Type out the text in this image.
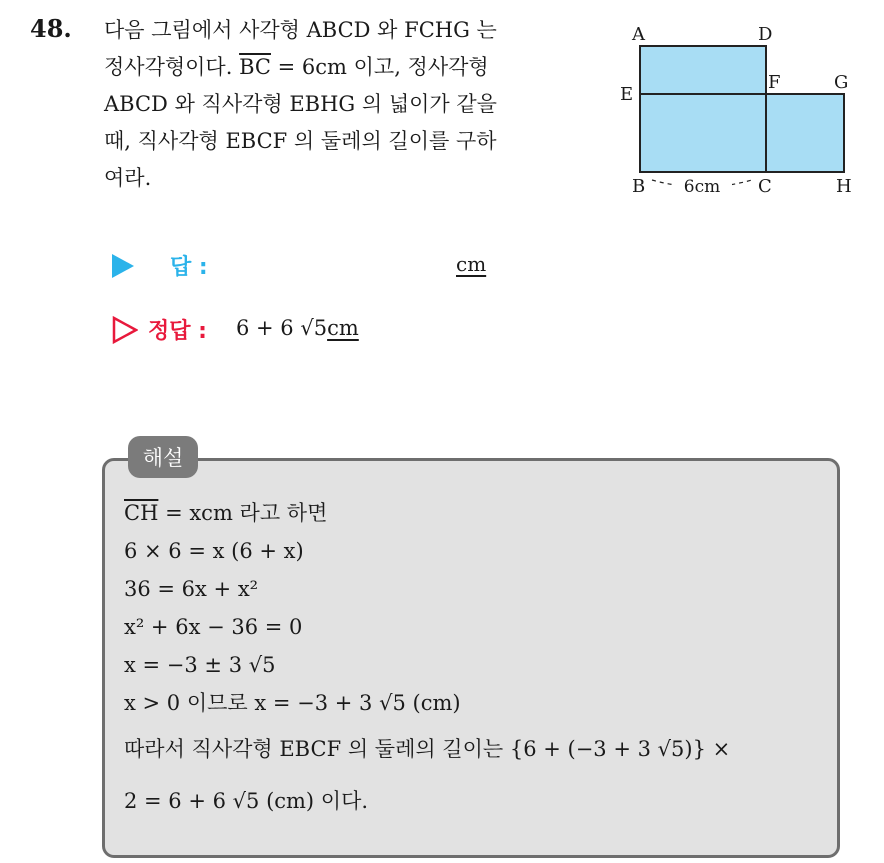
48. 다음 그림에서 사각형 ABCD 와 FCHG 는
정사각형이다. $\overline{BC} = 6cm$ 이고, 정사각형
ABCD 와 직사각형 EBHG 의 넓이가 같을
때, 직사각형 EBCF 의 둘레의 길이를 구하
여라.
A	D
E
F	G
B	C	H
6cm
답 :	cm
정답 : 6 + 6 √5cm
해설
$\overline{CH}$ = xcm 라고 하면
6 × 6 = x (6 + x)
36 = 6x + x²
x² + 6x − 36 = 0
x = −3 ± 3 √5
x > 0 이므로 x = −3 + 3 √5 (cm)
따라서 직사각형 EBCF 의 둘레의 길이는 {6 + (−3 + 3 √5)} ×
2 = 6 + 6 √5 (cm) 이다.
